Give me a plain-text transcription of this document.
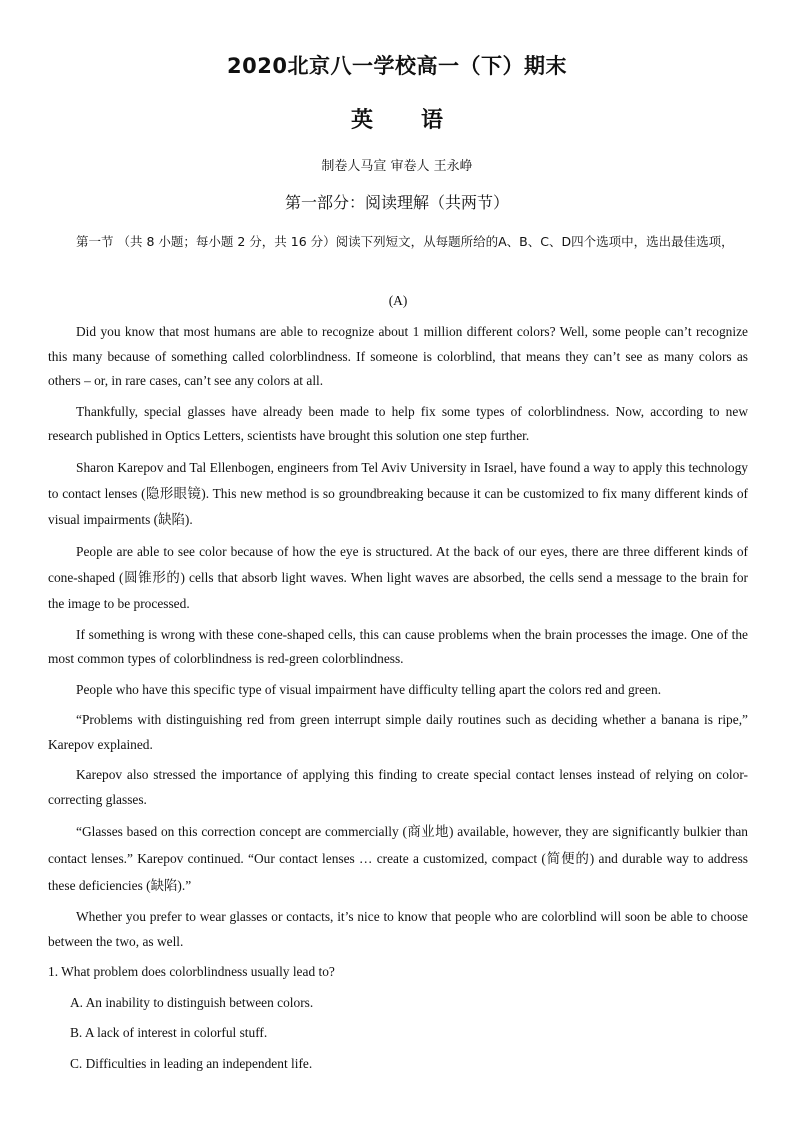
2020北京八一学校高一（下）期末
英 语
制卷人马宣 审卷人 王永峥
第一部分：阅读理解（共两节）

第一节 （共 8 小题；每小题 2 分，共 16 分）阅读下列短文，从每题所给的A、B、C、D四个选项中，选出最佳选项，

(A)

Did you know that most humans are able to recognize about 1 million different colors? Well, some people can’t recognize this many because of something called colorblindness. If someone is colorblind, that means they can’t see as many colors as others – or, in rare cases, can’t see any colors at all.

Thankfully, special glasses have already been made to help fix some types of colorblindness. Now, according to new research published in Optics Letters, scientists have brought this solution one step further.

Sharon Karepov and Tal Ellenbogen, engineers from Tel Aviv University in Israel, have found a way to apply this technology to contact lenses (隐形眼镜). This new method is so groundbreaking because it can be customized to fix many different kinds of visual impairments (缺陷).

People are able to see color because of how the eye is structured. At the back of our eyes, there are three different kinds of cone-shaped (圆锥形的) cells that absorb light waves. When light waves are absorbed, the cells send a message to the brain for the image to be processed.

If something is wrong with these cone-shaped cells, this can cause problems when the brain processes the image. One of the most common types of colorblindness is red-green colorblindness.

People who have this specific type of visual impairment have difficulty telling apart the colors red and green.

“Problems with distinguishing red from green interrupt simple daily routines such as deciding whether a banana is ripe,” Karepov explained.

Karepov also stressed the importance of applying this finding to create special contact lenses instead of relying on color-correcting glasses.

“Glasses based on this correction concept are commercially (商业地) available, however, they are significantly bulkier than contact lenses.” Karepov continued. “Our contact lenses … create a customized, compact (简便的) and durable way to address these deficiencies (缺陷).”

Whether you prefer to wear glasses or contacts, it’s nice to know that people who are colorblind will soon be able to choose between the two, as well.

1. What problem does colorblindness usually lead to?

A. An inability to distinguish between colors.

B. A lack of interest in colorful stuff.

C. Difficulties in leading an independent life.
